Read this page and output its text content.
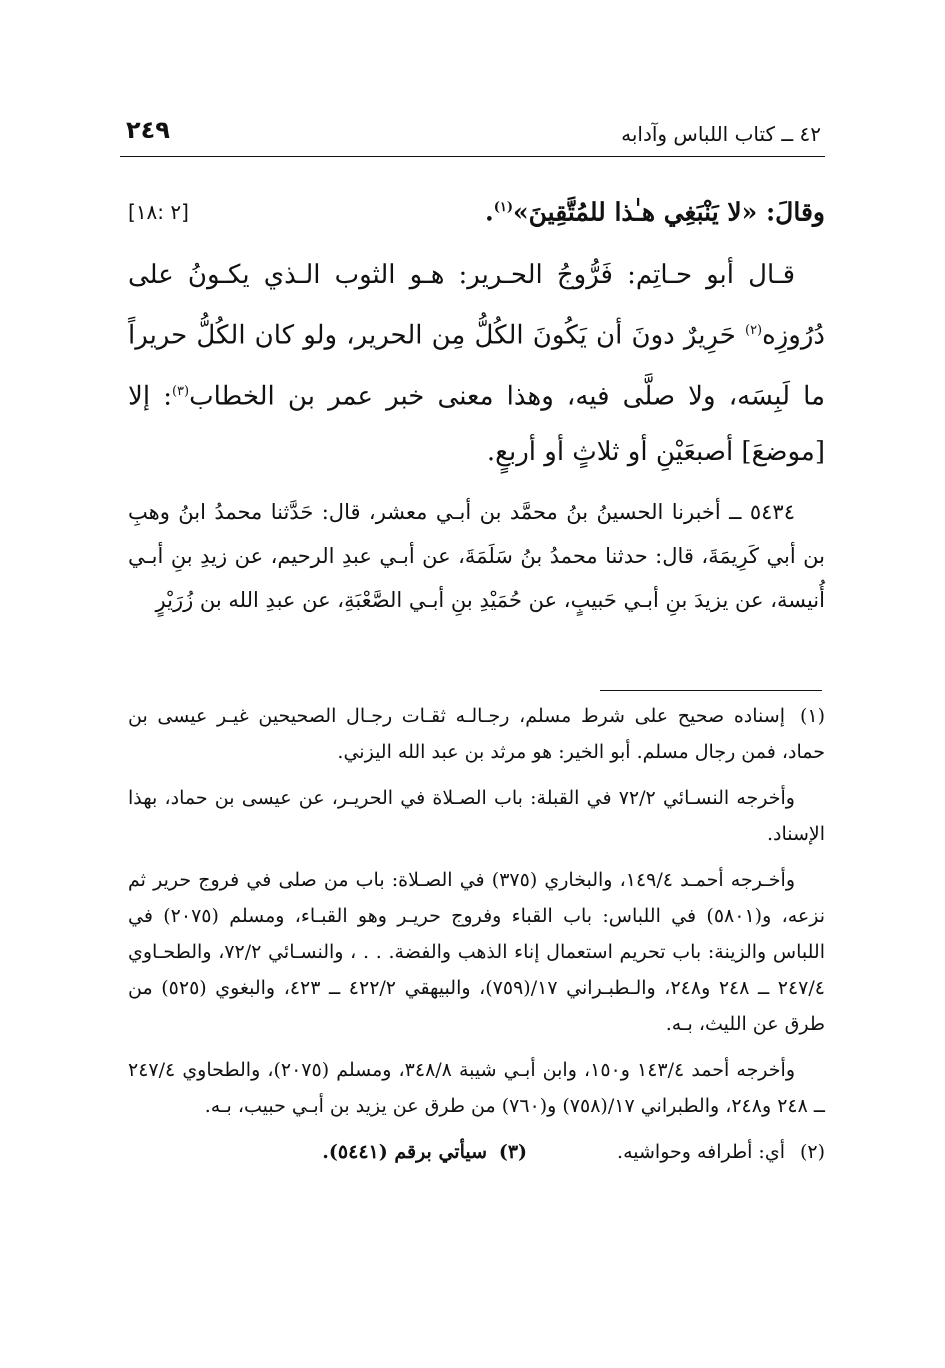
٤٢ ــ كتاب اللباس وآدابه
٢٤٩
وقالَ: «لا يَنْبَغِي هـٰذا للمُتَّقِينَ»$^{(١)}$.
[٢ :١٨]
قـال أبو حـاتِم: فَرُّوجُ الحـرير: هـو الثوب الـذي يكـونُ على دُرُوزِه$^{(٢)}$ حَرِيرٌ دونَ أن يَكُونَ الكُلُّ مِن الحرير، ولو كان الكُلُّ حريراً ما لَبِسَه، ولا صلَّى فيه، وهذا معنى خبر عمر بن الخطاب$^{(٣)}$: إلا [موضعَ] أصبعَيْنِ أو ثلاثٍ أو أربعٍ.
٥٤٣٤ ــ أخبرنا الحسينُ بنُ محمَّد بن أبـي معشر، قال: حَدَّثنا محمدُ ابنُ وهبِ بن أبي كَرِيمَةَ، قال: حدثنا محمدُ بنُ سَلَمَةَ، عن أبـي عبدِ الرحيم، عن زيدِ بنِ أبـي أُنيسة، عن يزيدَ بنِ أبـي حَبيبٍ، عن حُمَيْدِ بنِ أبـي الصَّعْبَةِ، عن عبدِ الله بن زُرَيْرٍ
(١)إسناده صحيح على شرط مسلم، رجـالـه ثقـات رجـال الصحيحين غيـر عيسى بن حماد، فمن رجال مسلم. أبو الخير: هو مرثد بن عبد الله اليزني.
وأخرجه النسـائي ٧٢/٢ في القبلة: باب الصـلاة في الحريـر، عن عيسى بن حماد، بهذا الإسناد.
وأخـرجه أحمـد ١٤٩/٤، والبخاري (٣٧٥) في الصـلاة: باب من صلى في فروج حرير ثم نزعه، و(٥٨٠١) في اللباس: باب القباء وفروج حريـر وهو القبـاء، ومسلم (٢٠٧٥) في اللباس والزينة: باب تحريم استعمال إناء الذهب والفضة. . . ، والنسـائي ٧٢/٢، والطحـاوي ٢٤٧/٤ ــ ٢٤٨ و٢٤٨، والـطبـراني ١٧/(٧٥٩)، والبيهقي ٤٢٢/٢ ــ ٤٢٣، والبغوي (٥٢٥) من طرق عن الليث، بـه.
وأخرجه أحمد ١٤٣/٤ و١٥٠، وابن أبـي شيبة ٣٤٨/٨، ومسلم (٢٠٧٥)، والطحاوي ٢٤٧/٤ ــ ٢٤٨ و٢٤٨، والطبراني ١٧/(٧٥٨) و(٧٦٠) من طرق عن يزيد بن أبـي حبيب، بـه.
(٢)أي: أطرافه وحواشيه.
(٣)سيأتي برقم (٥٤٤١).
